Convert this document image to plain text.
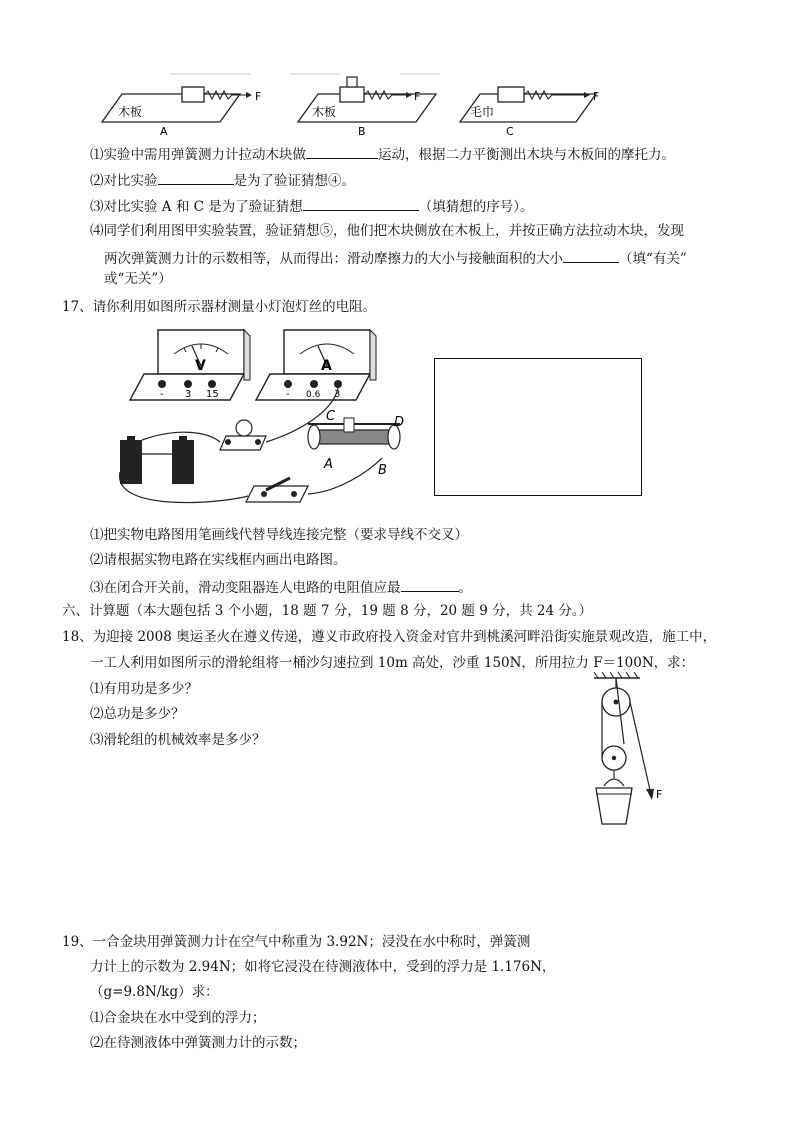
F
木板
A
F
木板
B
F
毛巾
C
⑴实验中需用弹簧测力计拉动木块做	运动，根据二力平衡测出木块与木板间的摩托力。
⑵对比实验	是为了验证猜想④。
⑶对比实验 A 和 C 是为了验证猜想	（填猜想的序号）。
⑷同学们利用图甲实验装置，验证猜想⑤，他们把木块侧放在木板上，并按正确方法拉动木块，发现
两次弹簧测力计的示数相等，从而得出：滑动摩擦力的大小与接触面积的大小	（填“有关”
或“无关”）
17、请你利用如图所示器材测量小灯泡灯丝的电阻。
V
- 3 15
A
- 0.6 3
C	D
A	B
⑴把实物电路图用笔画线代替导线连接完整（要求导线不交叉）
⑵请根据实物电路在实线框内画出电路图。
⑶在闭合开关前，滑动变阻器连人电路的电阻值应最	。
六、计算题（本大题包括 3 个小题，18 题 7 分，19 题 8 分，20 题 9 分，共 24 分。）
18、为迎接 2008 奥运圣火在遵义传递，遵义市政府投入资金对官井到桃溪河畔沿街实施景观改造，施工中，
一工人利用如图所示的滑轮组将一桶沙匀速拉到 10m 高处，沙重 150N，所用拉力 F＝100N，求：
⑴有用功是多少？
⑵总功是多少？
⑶滑轮组的机械效率是多少？
F
19、一合金块用弹簧测力计在空气中称重为 3.92N；浸没在水中称时，弹簧测
力计上的示数为 2.94N；如将它浸没在待测液体中，受到的浮力是 1.176N，
（g=9.8N/kg）求：
⑴合金块在水中受到的浮力；
⑵在待测液体中弹簧测力计的示数；
